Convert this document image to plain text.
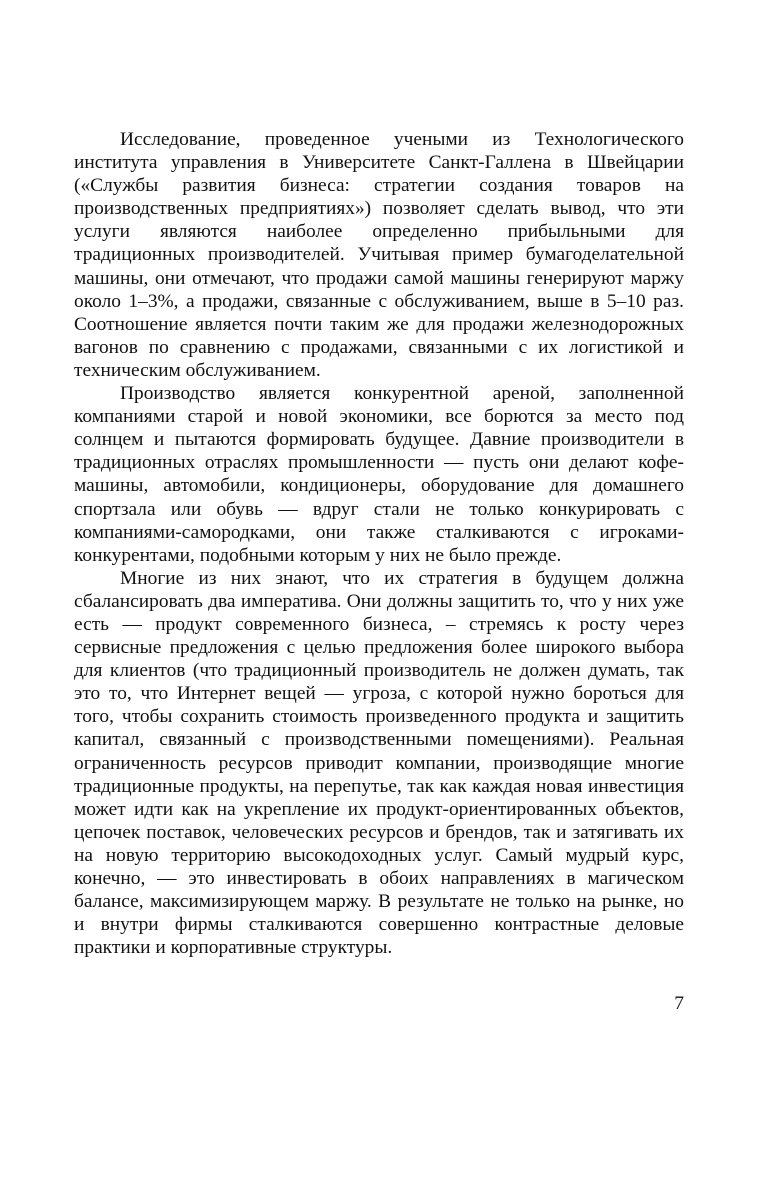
Исследование, проведенное учеными из Технологического института управления в Университете Санкт-Галлена в Швейцарии («Службы развития бизнеса: стратегии создания товаров на производственных предприятиях») позволяет сделать вывод, что эти услуги являются наиболее определенно прибыльными для традиционных производителей. Учитывая пример бумагоделательной машины, они отмечают, что продажи самой машины генерируют маржу около 1–3%, а продажи, связанные с обслуживанием, выше в 5–10 раз. Соотношение является почти таким же для продажи железнодорожных вагонов по сравнению с продажами, связанными с их логистикой и техническим обслуживанием.

Производство является конкурентной ареной, заполненной компаниями старой и новой экономики, все борются за место под солнцем и пытаются формировать будущее. Давние производители в традиционных отраслях промышленности — пусть они делают кофе-машины, автомобили, кондиционеры, оборудование для домашнего спортзала или обувь — вдруг стали не только конкурировать с компаниями-самородками, они также сталкиваются с игроками-конкурентами, подобными которым у них не было прежде.

Многие из них знают, что их стратегия в будущем должна сбалансировать два императива. Они должны защитить то, что у них уже есть — продукт современного бизнеса, – стремясь к росту через сервисные предложения с целью предложения более широкого выбора для клиентов (что традиционный производитель не должен думать, так это то, что Интернет вещей — угроза, с которой нужно бороться для того, чтобы сохранить стоимость произведенного продукта и защитить капитал, связанный с производственными помещениями). Реальная ограниченность ресурсов приводит компании, производящие многие традиционные продукты, на перепутье, так как каждая новая инвестиция может идти как на укрепление их продукт-ориентированных объектов, цепочек поставок, человеческих ресурсов и брендов, так и затягивать их на новую территорию высокодоходных услуг. Самый мудрый курс, конечно, — это инвестировать в обоих направлениях в магическом балансе, максимизирующем маржу. В результате не только на рынке, но и внутри фирмы сталкиваются совершенно контрастные деловые практики и корпоративные структуры.

7
